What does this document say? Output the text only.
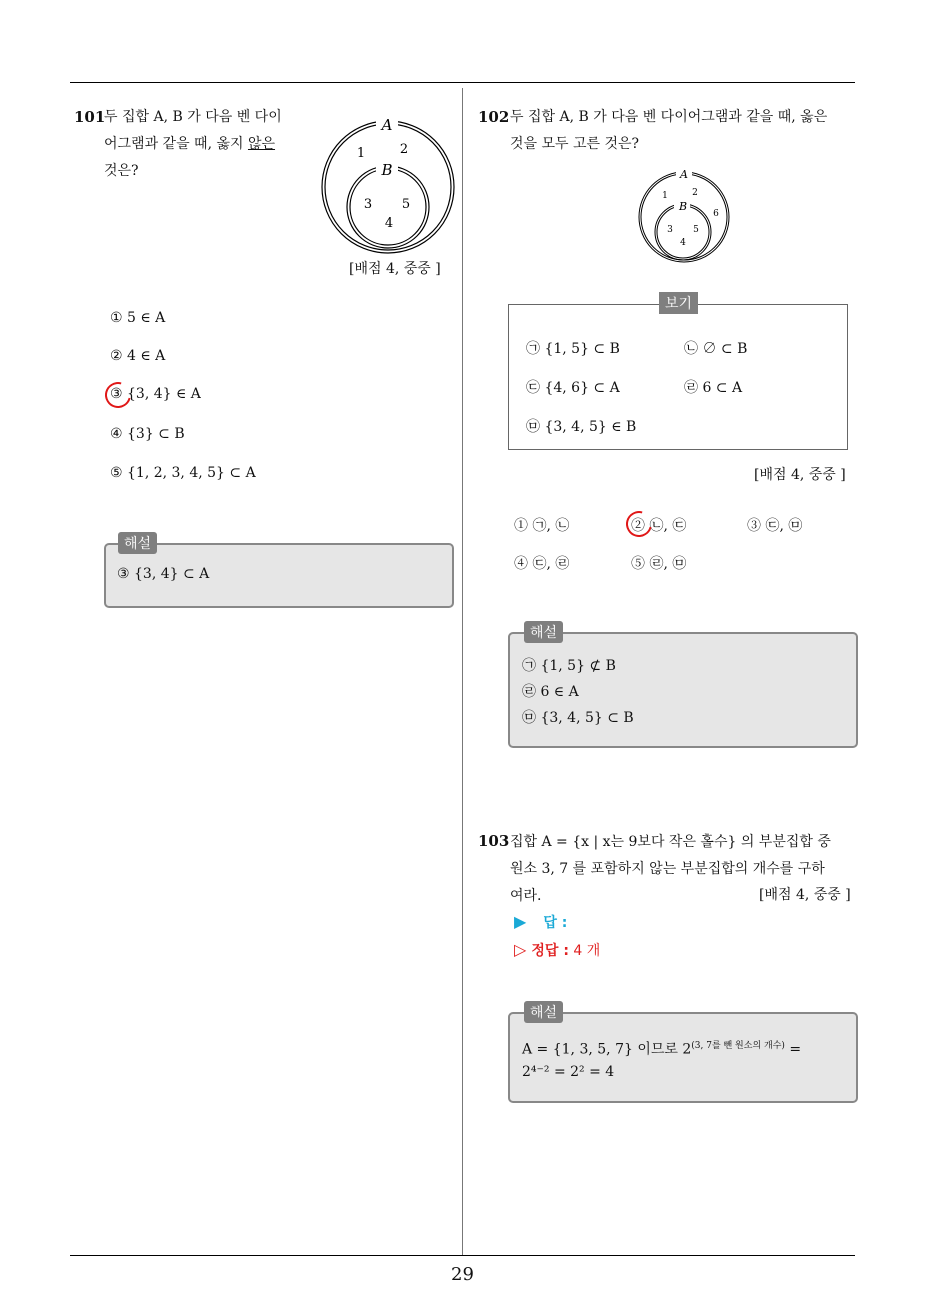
29
101
두 집합 A, B 가 다음 벤 다이
어그램과 같을 때, 옳지 않은
것은?
A
1	2
B
3 5
4
[배점 4, 중중 ]
① 5 ∈ A
② 4 ∈ A
③ {3, 4} ∈ A
④ {3} ⊂ B
⑤ {1, 2, 3, 4, 5} ⊂ A
해설
③ {3, 4} ⊂ A
102 두 집합 A, B 가 다음 벤 다이어그램과 같을 때, 옳은
것을 모두 고른 것은?
A
1	2
6
B
3 5
4
보기
㉠ {1, 5} ⊂ B	㉡ ∅ ⊂ B
㉢ {4, 6} ⊂ A	㉣ 6 ⊂ A
㉤ {3, 4, 5} ∈ B
[배점 4, 중중 ]
① ㉠, ㉡	② ㉡, ㉢	③ ㉢, ㉤
④ ㉢, ㉣	⑤ ㉣, ㉤
해설
㉠ {1, 5} ⊄ B
㉣ 6 ∈ A
㉤ {3, 4, 5} ⊂ B
103 집합 A = {x | x는 9보다 작은 홀수} 의 부분집합 중
원소 3, 7 를 포함하지 않는 부분집합의 개수를 구하
여라.	[배점 4, 중중 ]
▶ 답 :
▷ 정답 : 4 개
해설
A = {1, 3, 5, 7} 이므로 $2^{(3, 7를 뺀 원소의 개수)}$ =
2⁴⁻² = 2² = 4
